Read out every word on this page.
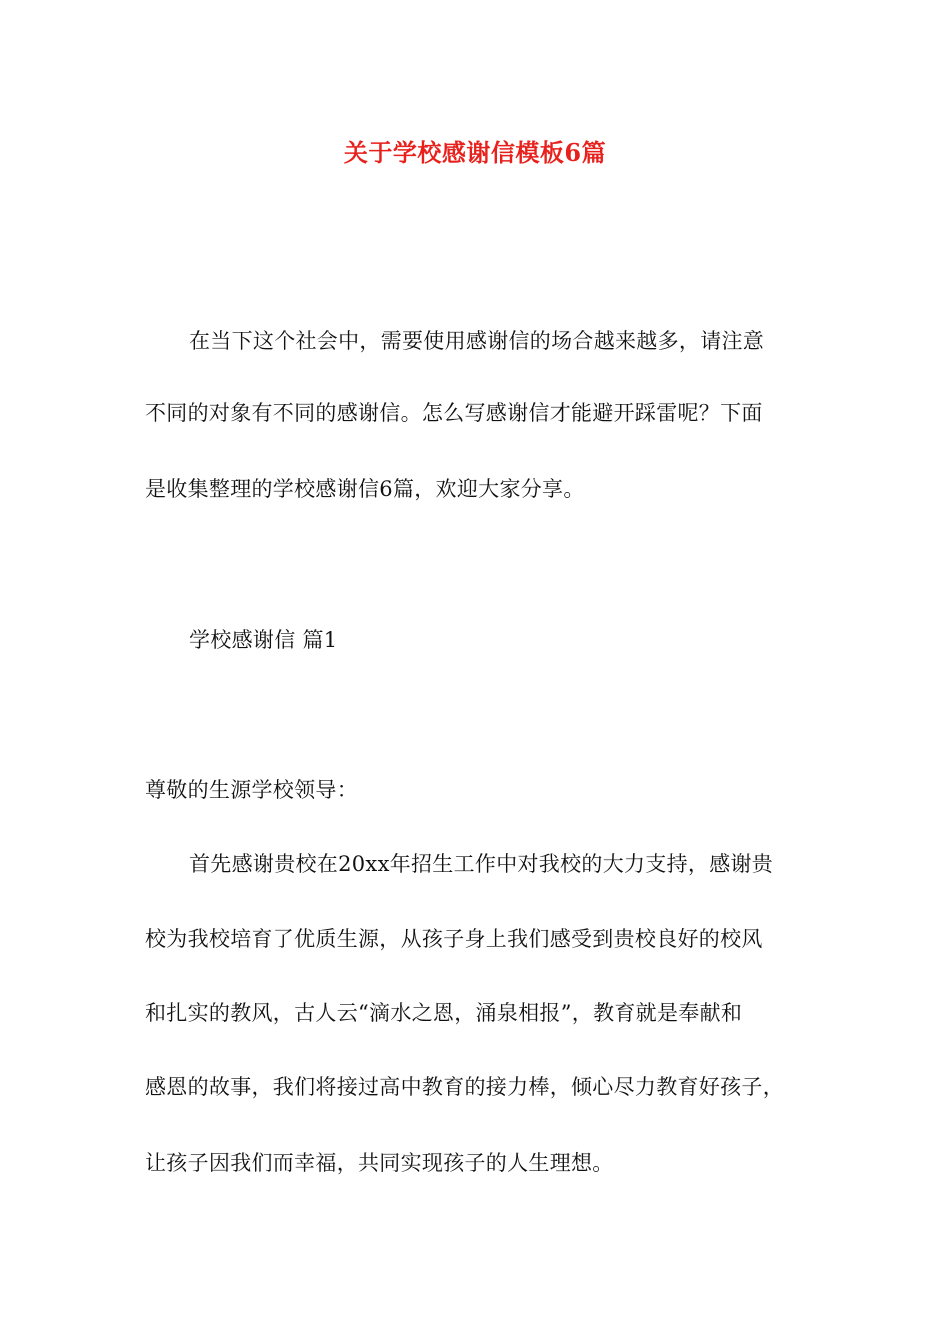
关于学校感谢信模板6篇
在当下这个社会中，需要使用感谢信的场合越来越多，请注意
不同的对象有不同的感谢信。怎么写感谢信才能避开踩雷呢？下面
是收集整理的学校感谢信6篇，欢迎大家分享。
学校感谢信 篇1
尊敬的生源学校领导：
首先感谢贵校在20xx年招生工作中对我校的大力支持，感谢贵
校为我校培育了优质生源，从孩子身上我们感受到贵校良好的校风
和扎实的教风，古人云“滴水之恩，涌泉相报”，教育就是奉献和
感恩的故事，我们将接过高中教育的接力棒，倾心尽力教育好孩子，
让孩子因我们而幸福，共同实现孩子的人生理想。
